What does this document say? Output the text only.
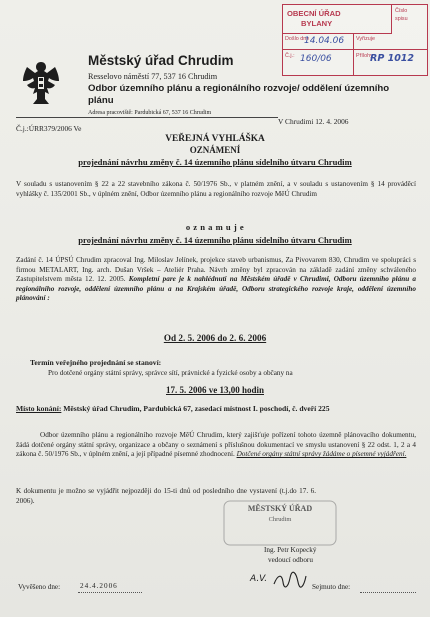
OBECNÍ ÚŘAD
BYLANY
Číslo
spisu
Došlo dne
Č.j.:
Vyřizuje
Přílohy
14.04.06
160/06	RP 1012
Městský úřad Chrudim
Resselovo náměstí 77, 537 16 Chrudim
Odbor územního plánu a regionálního rozvoje/ oddělení územního plánu
Adresa pracoviště: Pardubická 67, 537 16 Chrudim
Č.j.:ÚRR379/2006 Ve
V Chrudimi 12. 4. 2006
VEŘEJNÁ VYHLÁŠKA
OZNÁMENÍ
projednání návrhu změny č. 14 územního plánu sídelního útvaru Chrudim
V souladu s ustanovením § 22 a 22 stavebního zákona č. 50/1976 Sb., v platném znění, a v souladu s ustanovením § 14 prováděcí vyhlášky č. 135/2001 Sb., v úplném znění, Odbor územního plánu a regionálního rozvoje MěÚ Chrudim
o z n a m u j e
projednání návrhu změny č. 14 územního plánu sídelního útvaru Chrudim
Zadání č. 14 ÚPSÚ Chrudim zpracoval Ing. Miloslav Jelínek, projekce staveb urbanismus, Za Pivovarem 830, Chrudim ve spolupráci s firmou METALART, Ing. arch. Dušan Vršek – Ateliér Praha. Návrh změny byl zpracován na základě zadání změny schváleného Zastupitelstvem města 12. 12. 2005. Kompletní pare je k nahlédnutí na Městském úřadě v Chrudimi, Odboru územního plánu a regionálního rozvoje, oddělení územního plánu a na Krajském úřadě, Odboru strategického rozvoje kraje, oddělení územního plánování :
Od 2. 5. 2006 do 2. 6. 2006
Termín veřejného projednání se stanoví:
Pro dotčené orgány státní správy, správce sítí, právnické a fyzické osoby a občany na
17. 5. 2006 ve 13,00 hodin
Místo konání: Městský úřad Chrudim, Pardubická 67, zasedací místnost I. poschodí, č. dveří 225
Odbor územního plánu a regionálního rozvoje MěÚ Chrudim, který zajišťuje pořízení tohoto územně plánovacího dokumentu, žádá dotčené orgány státní správy, organizace a občany o seznámení s příslušnou dokumentací ve smyslu ustanovení § 22 odst. 1, 2 a 4 zákona č. 50/1976 Sb., v úplném znění, a její případné písemné zhodnocení. Dotčené orgány státní správy žádáme o písemné vyjádření.
K dokumentu je možno se vyjádřit nejpozději do 15-ti dnů od posledního dne vystavení (t.j.do 17. 6. 2006).
MĚSTSKÝ ÚŘAD
Chrudim
Ing. Petr Kopecký
vedoucí odboru
Vyvěšeno dne:	24.4.2006
A.V.
Sejmuto dne:
